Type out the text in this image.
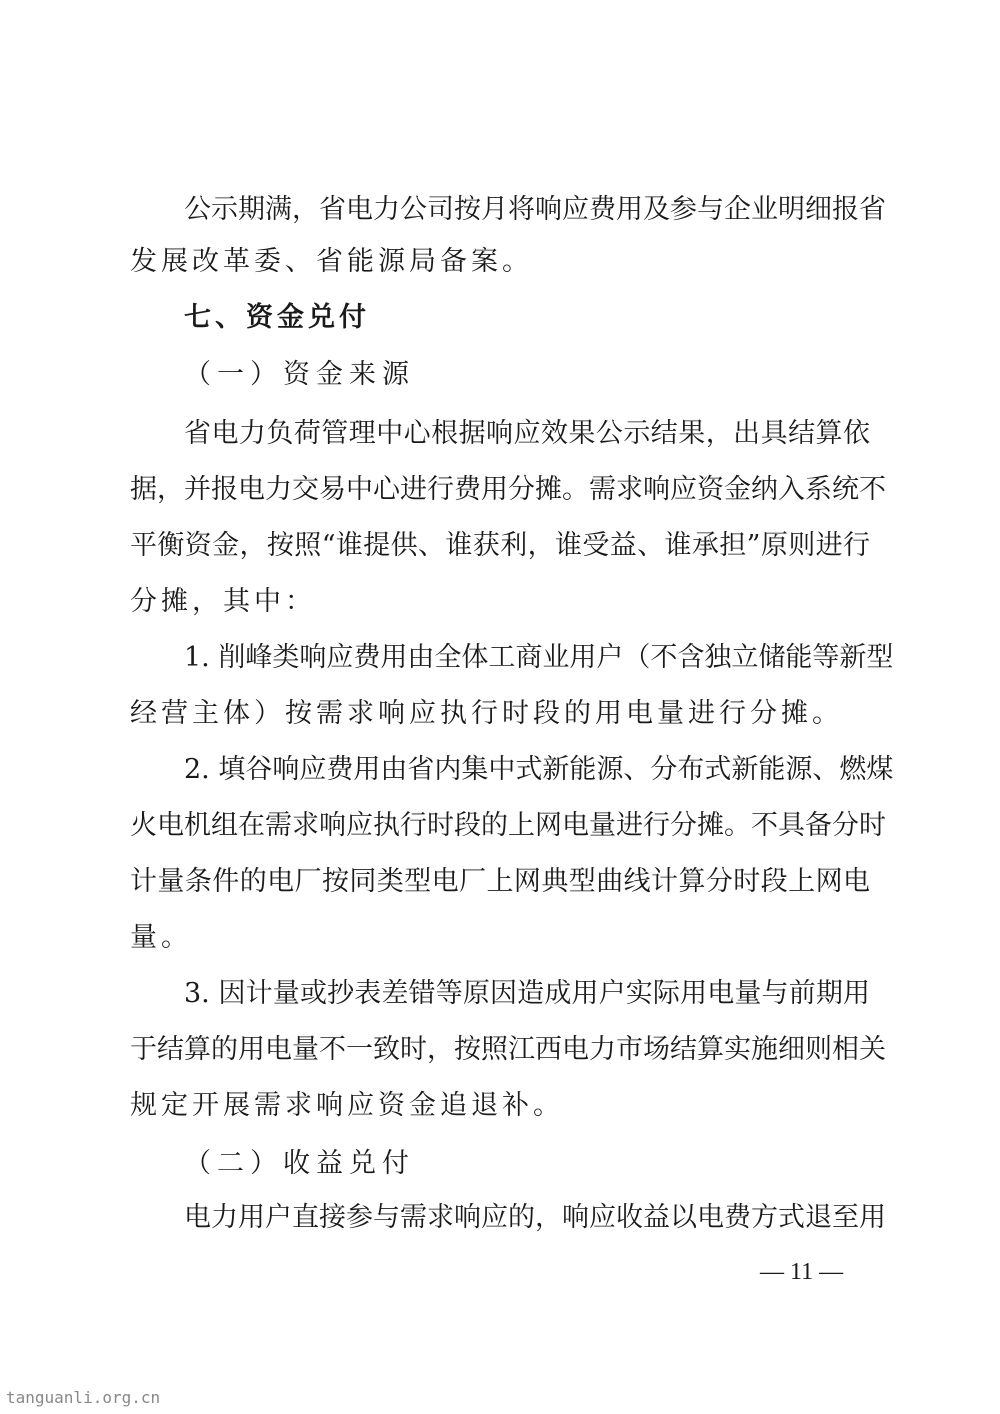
公示期满，省电力公司按月将响应费用及参与企业明细报省
发展改革委、省能源局备案。
七、资金兑付
（一）资金来源
省电力负荷管理中心根据响应效果公示结果，出具结算依
据，并报电力交易中心进行费用分摊。需求响应资金纳入系统不
平衡资金，按照“谁提供、谁获利，谁受益、谁承担”原则进行
分摊，其中：
1. 削峰类响应费用由全体工商业用户（不含独立储能等新型
经营主体）按需求响应执行时段的用电量进行分摊。
2. 填谷响应费用由省内集中式新能源、分布式新能源、燃煤
火电机组在需求响应执行时段的上网电量进行分摊。不具备分时
计量条件的电厂按同类型电厂上网典型曲线计算分时段上网电
量。
3. 因计量或抄表差错等原因造成用户实际用电量与前期用
于结算的用电量不一致时，按照江西电力市场结算实施细则相关
规定开展需求响应资金追退补。
（二）收益兑付
电力用户直接参与需求响应的，响应收益以电费方式退至用
— 11 —
tanguanli.org.cn
